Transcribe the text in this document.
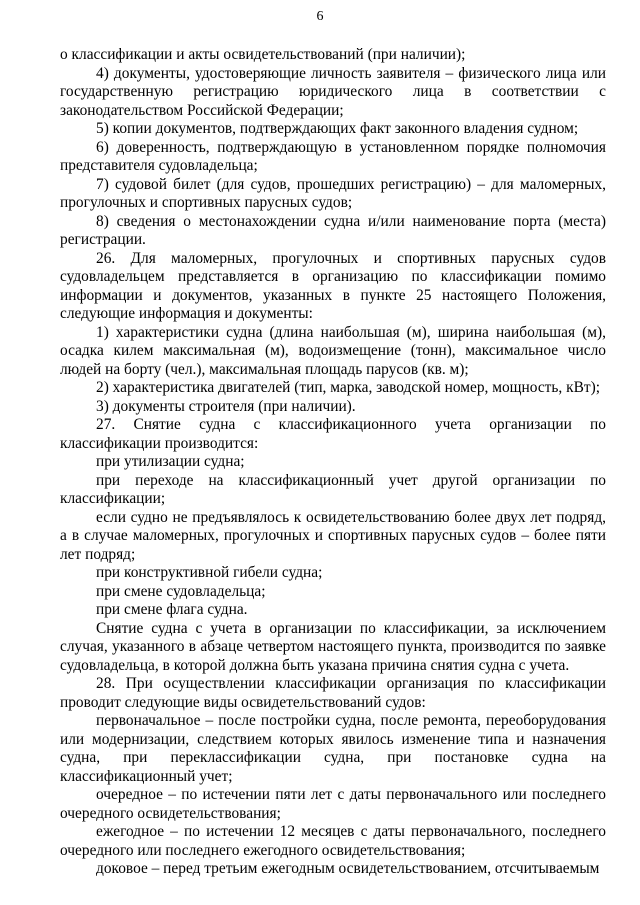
6

о классификации и акты освидетельствований (при наличии);

4) документы, удостоверяющие личность заявителя – физического лица или государственную регистрацию юридического лица в соответствии с законодательством Российской Федерации;

5) копии документов, подтверждающих факт законного владения судном;

6) доверенность, подтверждающую в установленном порядке полномочия представителя судовладельца;

7) судовой билет (для судов, прошедших регистрацию) – для маломерных, прогулочных и спортивных парусных судов;

8) сведения о местонахождении судна и/или наименование порта (места) регистрации.

26. Для маломерных, прогулочных и спортивных парусных судов судовладельцем представляется в организацию по классификации помимо информации и документов, указанных в пункте 25 настоящего Положения, следующие информация и документы:

1) характеристики судна (длина наибольшая (м), ширина наибольшая (м), осадка килем максимальная (м), водоизмещение (тонн), максимальное число людей на борту (чел.), максимальная площадь парусов (кв. м);

2) характеристика двигателей (тип, марка, заводской номер, мощность, кВт);

3) документы строителя (при наличии).

27. Снятие судна с классификационного учета организации по классификации производится:

при утилизации судна;

при переходе на классификационный учет другой организации по классификации;

если судно не предъявлялось к освидетельствованию более двух лет подряд, а в случае маломерных, прогулочных и спортивных парусных судов – более пяти лет подряд;

при конструктивной гибели судна;

при смене судовладельца;

при смене флага судна.

Снятие судна с учета в организации по классификации, за исключением случая, указанного в абзаце четвертом настоящего пункта, производится по заявке судовладельца, в которой должна быть указана причина снятия судна с учета.

28. При осуществлении классификации организация по классификации проводит следующие виды освидетельствований судов:

первоначальное – после постройки судна, после ремонта, переоборудования или модернизации, следствием которых явилось изменение типа и назначения судна, при переклассификации судна, при постановке судна на классификационный учет;

очередное – по истечении пяти лет с даты первоначального или последнего очередного освидетельствования;

ежегодное – по истечении 12 месяцев с даты первоначального, последнего очередного или последнего ежегодного освидетельствования;

доковое – перед третьим ежегодным освидетельствованием, отсчитываемым
